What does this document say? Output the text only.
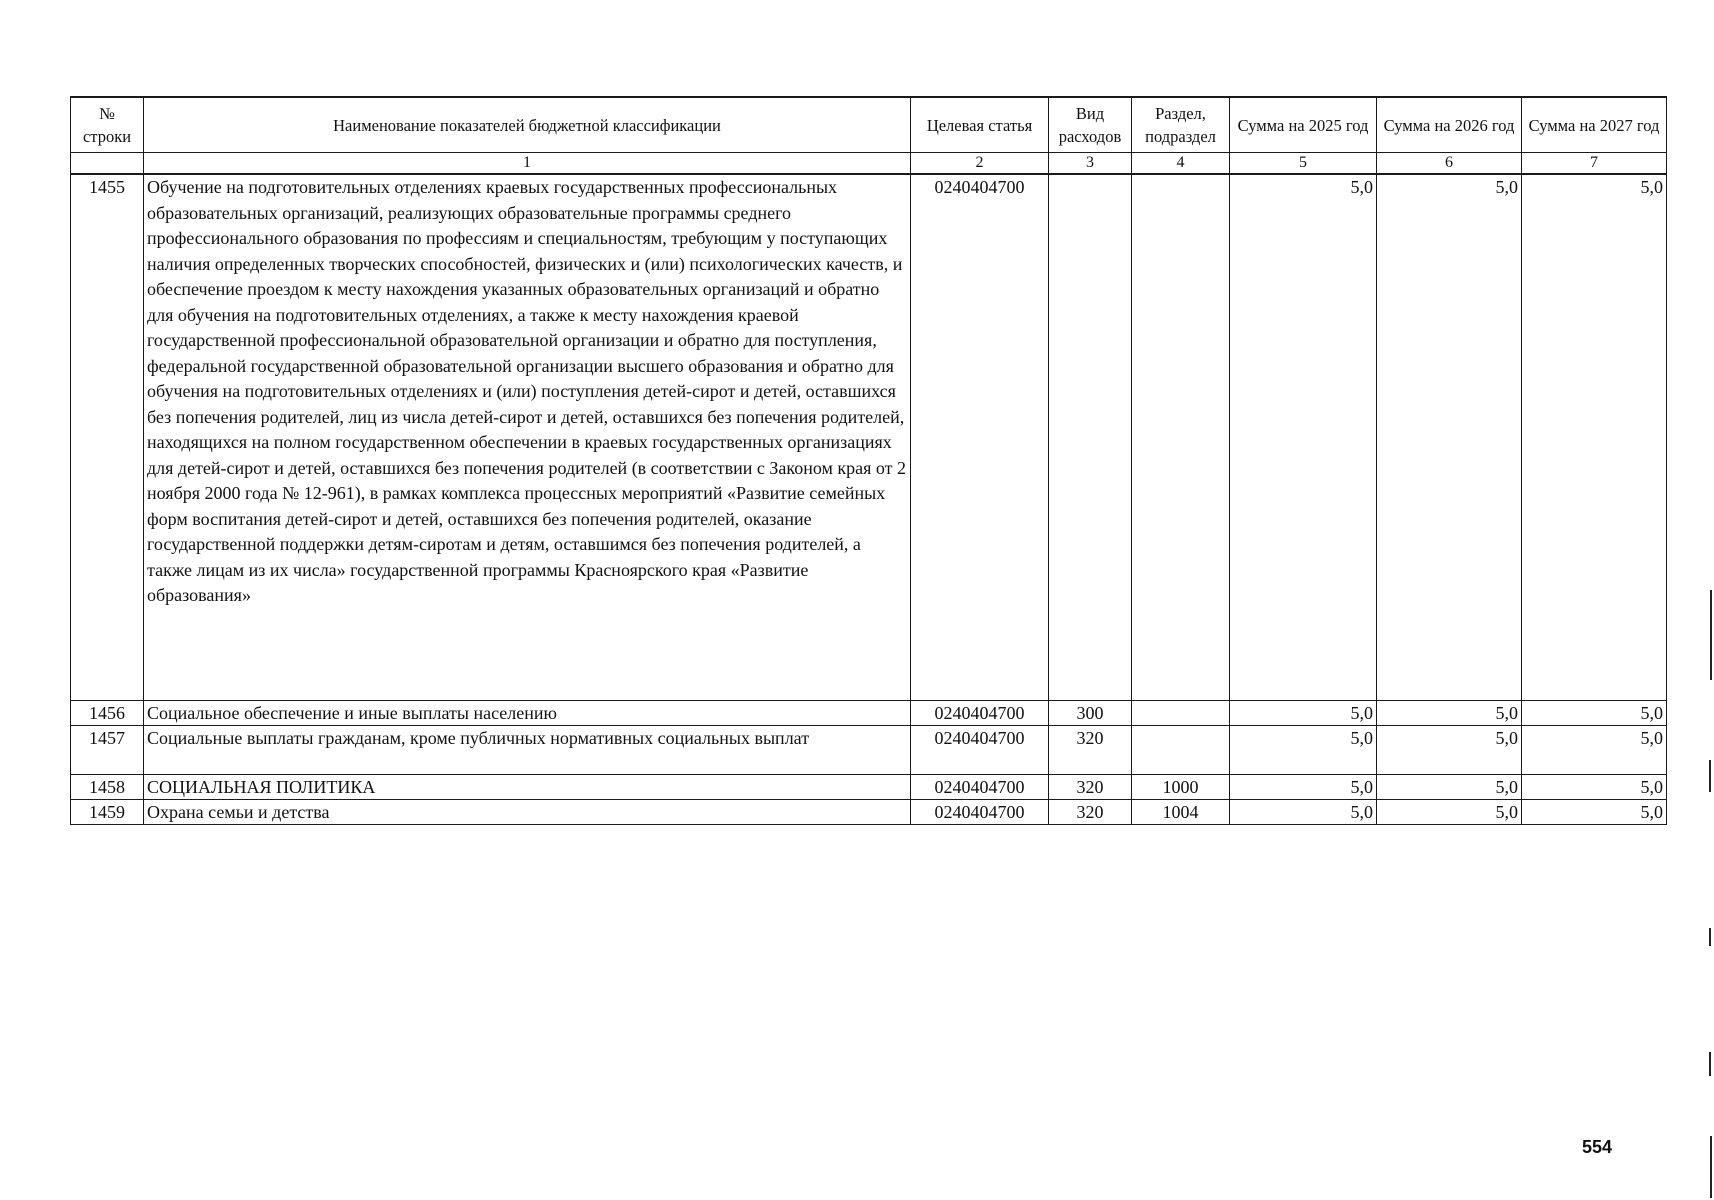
№ строки	Наименование показателей бюджетной классификации	Целевая статья	Вид расходов	Раздел, подраздел	Сумма на 2025 год	Сумма на 2026 год	Сумма на 2027 год
	1	2	3	4	5	6	7
1455	Обучение на подготовительных отделениях краевых государственных профессиональных образовательных организаций, реализующих образовательные программы среднего профессионального образования по профессиям и специальностям, требующим у поступающих наличия определенных творческих способностей, физических и (или) психологических качеств, и обеспечение проездом к месту нахождения указанных образовательных организаций и обратно для обучения на подготовительных отделениях, а также к месту нахождения краевой государственной профессиональной образовательной организации и обратно для поступления, федеральной государственной образовательной организации высшего образования и обратно для обучения на подготовительных отделениях и (или) поступления детей-сирот и детей, оставшихся без попечения родителей, лиц из числа детей-сирот и детей, оставшихся без попечения родителей, находящихся на полном государственном обеспечении в краевых государственных организациях для детей-сирот и детей, оставшихся без попечения родителей (в соответствии с Законом края от 2 ноября 2000 года № 12-961), в рамках комплекса процессных мероприятий «Развитие семейных форм воспитания детей-сирот и детей, оставшихся без попечения родителей, оказание государственной поддержки детям-сиротам и детям, оставшимся без попечения родителей, а также лицам из их числа» государственной программы Красноярского края «Развитие образования»	0240404700			5,0	5,0	5,0
1456	Социальное обеспечение и иные выплаты населению	0240404700	300		5,0	5,0	5,0
1457	Социальные выплаты гражданам, кроме публичных нормативных социальных выплат	0240404700	320		5,0	5,0	5,0
1458	СОЦИАЛЬНАЯ ПОЛИТИКА	0240404700	320	1000	5,0	5,0	5,0
1459	Охрана семьи и детства	0240404700	320	1004	5,0	5,0	5,0
554
